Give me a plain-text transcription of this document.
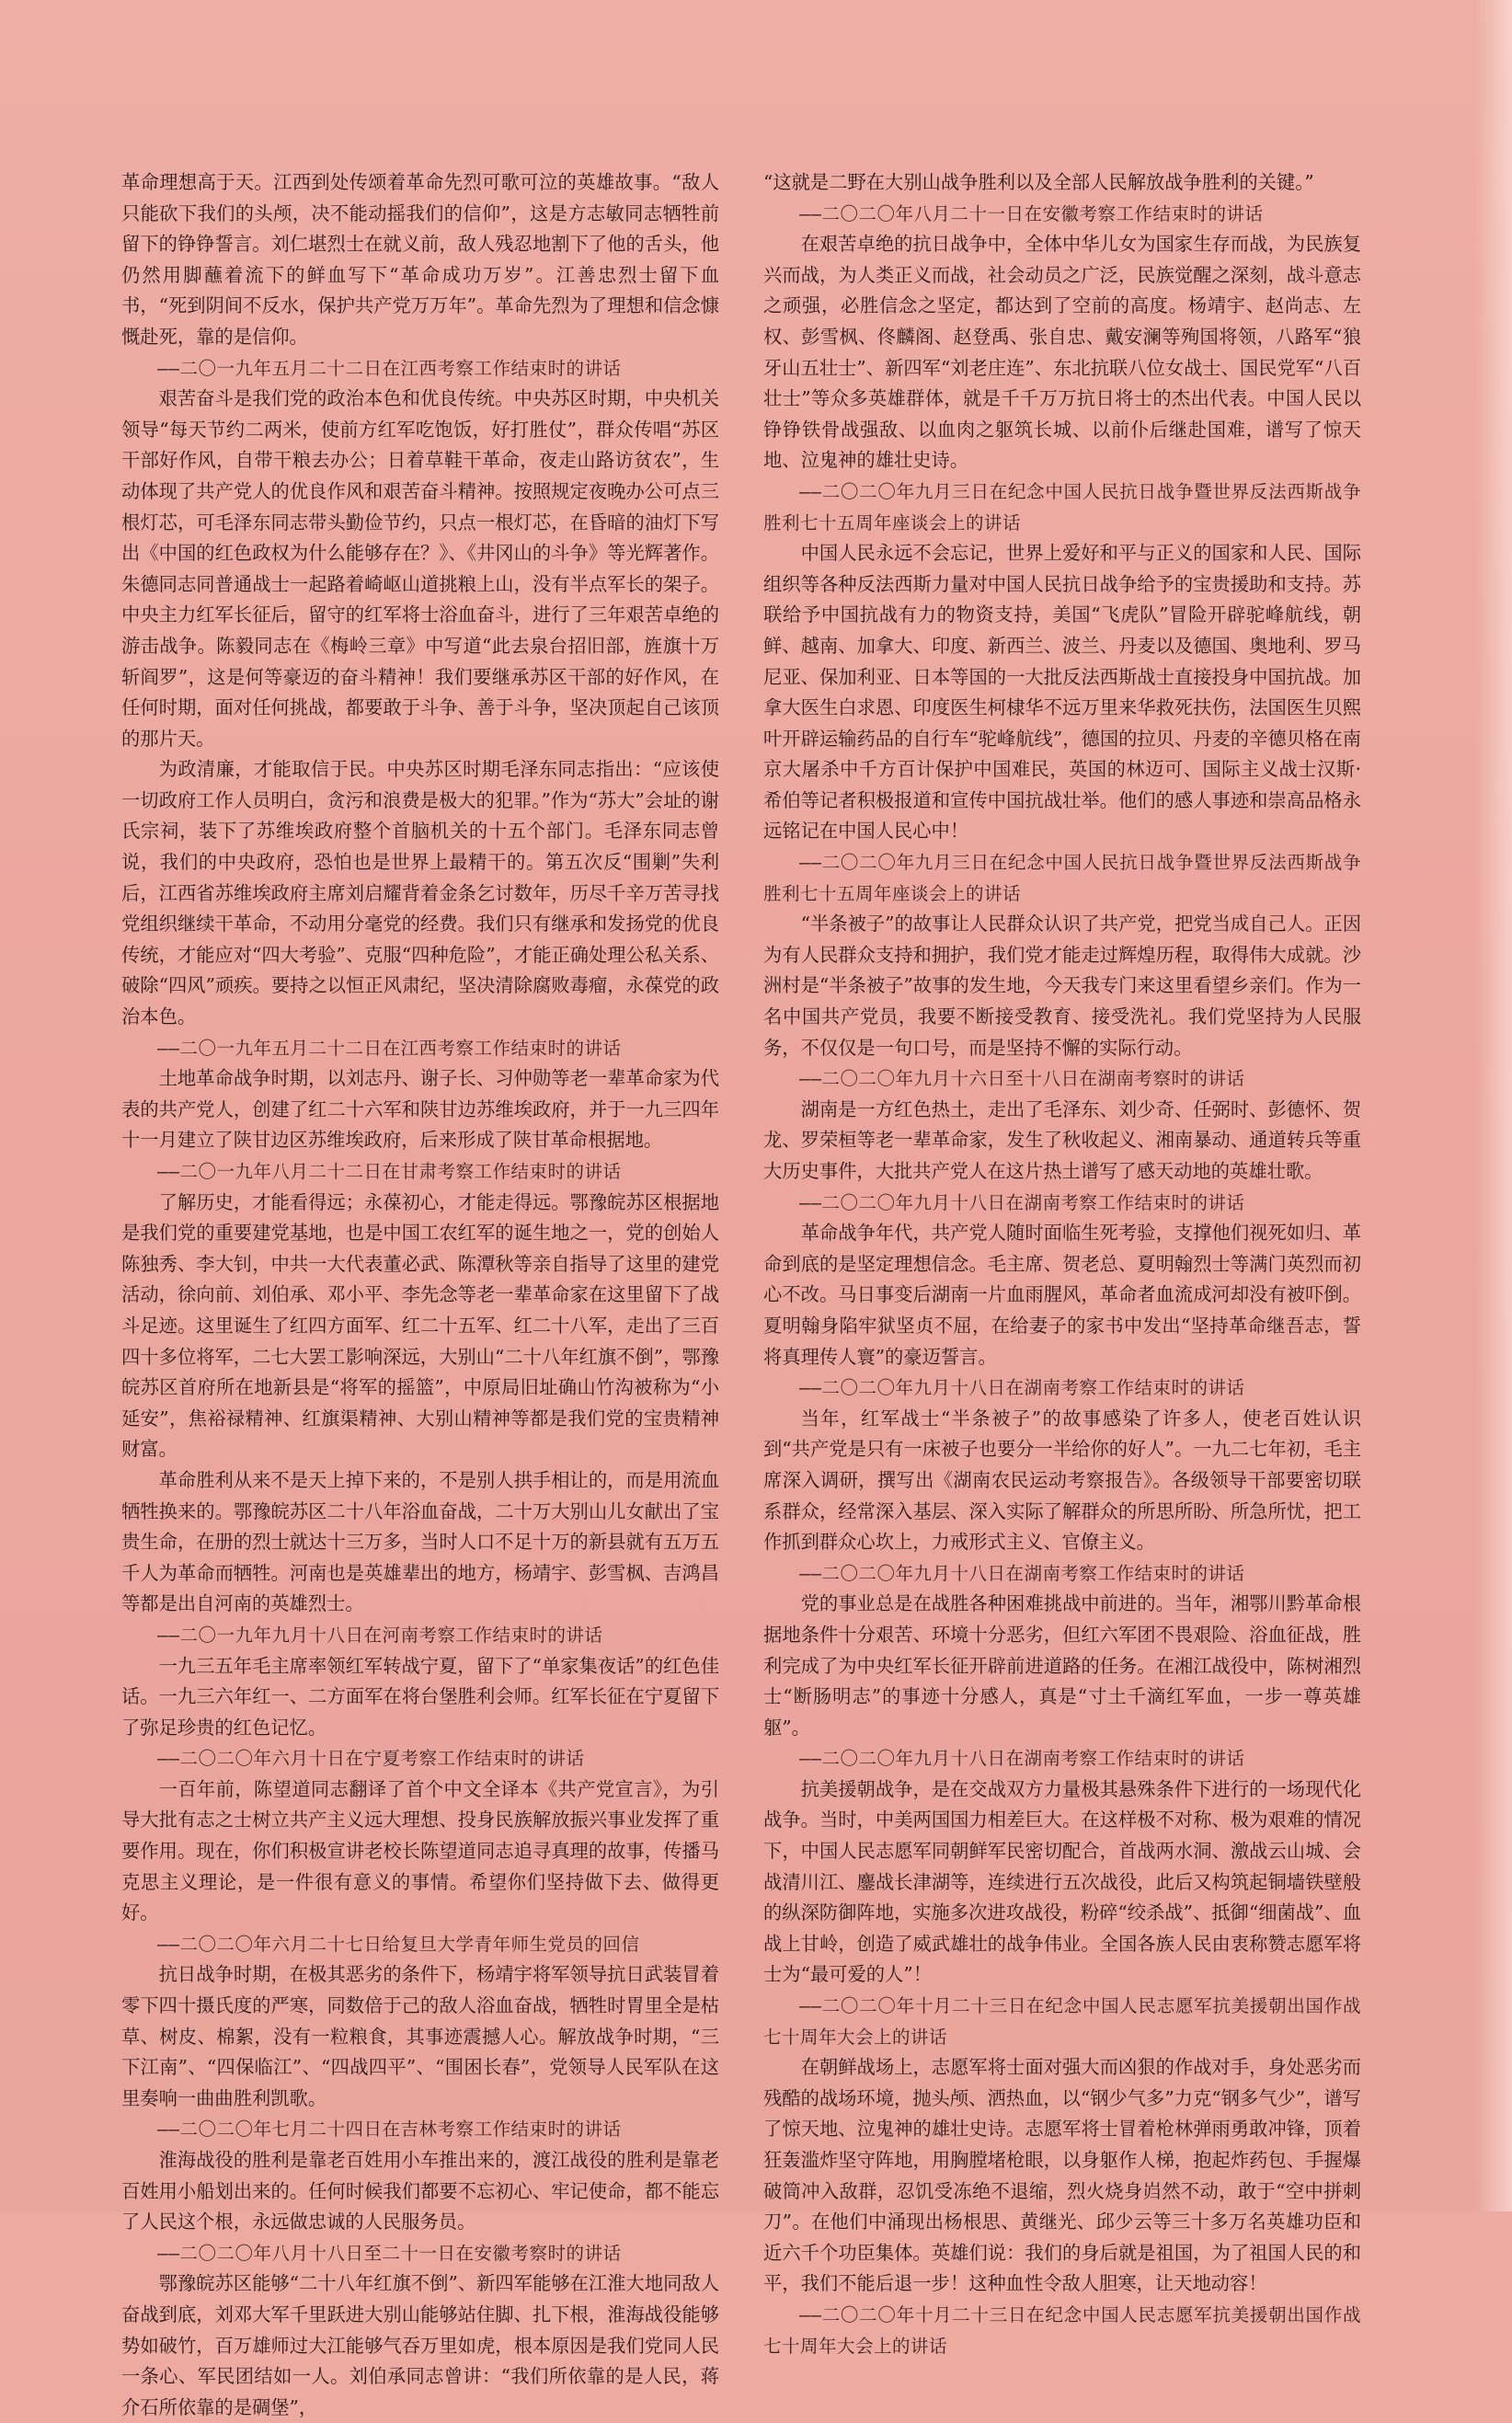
革命理想高于天。江西到处传颂着革命先烈可歌可泣的英雄故事。“敌人只能砍下我们的头颅，决不能动摇我们的信仰”，这是方志敏同志牺牲前留下的铮铮誓言。刘仁堪烈士在就义前，敌人残忍地割下了他的舌头，他仍然用脚蘸着流下的鲜血写下“革命成功万岁”。江善忠烈士留下血书，“死到阴间不反水，保护共产党万万年”。革命先烈为了理想和信念慷慨赴死，靠的是信仰。

——二〇一九年五月二十二日在江西考察工作结束时的讲话

艰苦奋斗是我们党的政治本色和优良传统。中央苏区时期，中央机关领导“每天节约二两米，使前方红军吃饱饭，好打胜仗”，群众传唱“苏区干部好作风，自带干粮去办公；日着草鞋干革命，夜走山路访贫农”，生动体现了共产党人的优良作风和艰苦奋斗精神。按照规定夜晚办公可点三根灯芯，可毛泽东同志带头勤俭节约，只点一根灯芯，在昏暗的油灯下写出《中国的红色政权为什么能够存在？》、《井冈山的斗争》等光辉著作。朱德同志同普通战士一起路着崎岖山道挑粮上山，没有半点军长的架子。中央主力红军长征后，留守的红军将士浴血奋斗，进行了三年艰苦卓绝的游击战争。陈毅同志在《梅岭三章》中写道“此去泉台招旧部，旌旗十万斩阎罗”，这是何等豪迈的奋斗精神！我们要继承苏区干部的好作风，在任何时期，面对任何挑战，都要敢于斗争、善于斗争，坚决顶起自己该顶的那片天。

为政清廉，才能取信于民。中央苏区时期毛泽东同志指出：“应该使一切政府工作人员明白，贪污和浪费是极大的犯罪。”作为“苏大”会址的谢氏宗祠，装下了苏维埃政府整个首脑机关的十五个部门。毛泽东同志曾说，我们的中央政府，恐怕也是世界上最精干的。第五次反“围剿”失利后，江西省苏维埃政府主席刘启耀背着金条乞讨数年，历尽千辛万苦寻找党组织继续干革命，不动用分毫党的经费。我们只有继承和发扬党的优良传统，才能应对“四大考验”、克服“四种危险”，才能正确处理公私关系、破除“四风”顽疾。要持之以恒正风肃纪，坚决清除腐败毒瘤，永葆党的政治本色。

——二〇一九年五月二十二日在江西考察工作结束时的讲话

土地革命战争时期，以刘志丹、谢子长、习仲勋等老一辈革命家为代表的共产党人，创建了红二十六军和陕甘边苏维埃政府，并于一九三四年十一月建立了陕甘边区苏维埃政府，后来形成了陕甘革命根据地。

——二〇一九年八月二十二日在甘肃考察工作结束时的讲话

了解历史，才能看得远；永葆初心，才能走得远。鄂豫皖苏区根据地是我们党的重要建党基地，也是中国工农红军的诞生地之一，党的创始人陈独秀、李大钊，中共一大代表董必武、陈潭秋等亲自指导了这里的建党活动，徐向前、刘伯承、邓小平、李先念等老一辈革命家在这里留下了战斗足迹。这里诞生了红四方面军、红二十五军、红二十八军，走出了三百四十多位将军，二七大罢工影响深远，大别山“二十八年红旗不倒”，鄂豫皖苏区首府所在地新县是“将军的摇篮”，中原局旧址确山竹沟被称为“小延安”，焦裕禄精神、红旗渠精神、大别山精神等都是我们党的宝贵精神财富。

革命胜利从来不是天上掉下来的，不是别人拱手相让的，而是用流血牺牲换来的。鄂豫皖苏区二十八年浴血奋战，二十万大别山儿女献出了宝贵生命，在册的烈士就达十三万多，当时人口不足十万的新县就有五万五千人为革命而牺牲。河南也是英雄辈出的地方，杨靖宇、彭雪枫、吉鸿昌等都是出自河南的英雄烈士。

——二〇一九年九月十八日在河南考察工作结束时的讲话

一九三五年毛主席率领红军转战宁夏，留下了“单家集夜话”的红色佳话。一九三六年红一、二方面军在将台堡胜利会师。红军长征在宁夏留下了弥足珍贵的红色记忆。

——二〇二〇年六月十日在宁夏考察工作结束时的讲话

一百年前，陈望道同志翻译了首个中文全译本《共产党宣言》，为引导大批有志之士树立共产主义远大理想、投身民族解放振兴事业发挥了重要作用。现在，你们积极宣讲老校长陈望道同志追寻真理的故事，传播马克思主义理论，是一件很有意义的事情。希望你们坚持做下去、做得更好。

——二〇二〇年六月二十七日给复旦大学青年师生党员的回信

抗日战争时期，在极其恶劣的条件下，杨靖宇将军领导抗日武装冒着零下四十摄氏度的严寒，同数倍于己的敌人浴血奋战，牺牲时胃里全是枯草、树皮、棉絮，没有一粒粮食，其事迹震撼人心。解放战争时期，“三下江南”、“四保临江”、“四战四平”、“围困长春”，党领导人民军队在这里奏响一曲曲胜利凯歌。

——二〇二〇年七月二十四日在吉林考察工作结束时的讲话

淮海战役的胜利是靠老百姓用小车推出来的，渡江战役的胜利是靠老百姓用小船划出来的。任何时候我们都要不忘初心、牢记使命，都不能忘了人民这个根，永远做忠诚的人民服务员。

——二〇二〇年八月十八日至二十一日在安徽考察时的讲话

鄂豫皖苏区能够“二十八年红旗不倒”、新四军能够在江淮大地同敌人奋战到底，刘邓大军千里跃进大别山能够站住脚、扎下根，淮海战役能够势如破竹，百万雄师过大江能够气吞万里如虎，根本原因是我们党同人民一条心、军民团结如一人。刘伯承同志曾讲：“我们所依靠的是人民，蒋介石所依靠的是碉堡”，

“这就是二野在大别山战争胜利以及全部人民解放战争胜利的关键。”

——二〇二〇年八月二十一日在安徽考察工作结束时的讲话

在艰苦卓绝的抗日战争中，全体中华儿女为国家生存而战，为民族复兴而战，为人类正义而战，社会动员之广泛，民族觉醒之深刻，战斗意志之顽强，必胜信念之坚定，都达到了空前的高度。杨靖宇、赵尚志、左权、彭雪枫、佟麟阁、赵登禹、张自忠、戴安澜等殉国将领，八路军“狼牙山五壮士”、新四军“刘老庄连”、东北抗联八位女战士、国民党军“八百壮士”等众多英雄群体，就是千千万万抗日将士的杰出代表。中国人民以铮铮铁骨战强敌、以血肉之躯筑长城、以前仆后继赴国难，谱写了惊天地、泣鬼神的雄壮史诗。

——二〇二〇年九月三日在纪念中国人民抗日战争暨世界反法西斯战争胜利七十五周年座谈会上的讲话

中国人民永远不会忘记，世界上爱好和平与正义的国家和人民、国际组织等各种反法西斯力量对中国人民抗日战争给予的宝贵援助和支持。苏联给予中国抗战有力的物资支持，美国“飞虎队”冒险开辟驼峰航线，朝鲜、越南、加拿大、印度、新西兰、波兰、丹麦以及德国、奥地利、罗马尼亚、保加利亚、日本等国的一大批反法西斯战士直接投身中国抗战。加拿大医生白求恩、印度医生柯棣华不远万里来华救死扶伤，法国医生贝熙叶开辟运输药品的自行车“驼峰航线”，德国的拉贝、丹麦的辛德贝格在南京大屠杀中千方百计保护中国难民，英国的林迈可、国际主义战士汉斯·希伯等记者积极报道和宣传中国抗战壮举。他们的感人事迹和崇高品格永远铭记在中国人民心中！

——二〇二〇年九月三日在纪念中国人民抗日战争暨世界反法西斯战争胜利七十五周年座谈会上的讲话

“半条被子”的故事让人民群众认识了共产党，把党当成自己人。正因为有人民群众支持和拥护，我们党才能走过辉煌历程，取得伟大成就。沙洲村是“半条被子”故事的发生地，今天我专门来这里看望乡亲们。作为一名中国共产党员，我要不断接受教育、接受洗礼。我们党坚持为人民服务，不仅仅是一句口号，而是坚持不懈的实际行动。

——二〇二〇年九月十六日至十八日在湖南考察时的讲话

湖南是一方红色热土，走出了毛泽东、刘少奇、任弼时、彭德怀、贺龙、罗荣桓等老一辈革命家，发生了秋收起义、湘南暴动、通道转兵等重大历史事件，大批共产党人在这片热土谱写了感天动地的英雄壮歌。

——二〇二〇年九月十八日在湖南考察工作结束时的讲话

革命战争年代，共产党人随时面临生死考验，支撑他们视死如归、革命到底的是坚定理想信念。毛主席、贺老总、夏明翰烈士等满门英烈而初心不改。马日事变后湖南一片血雨腥风，革命者血流成河却没有被吓倒。夏明翰身陷牢狱坚贞不屈，在给妻子的家书中发出“坚持革命继吾志，誓将真理传人寰”的豪迈誓言。

——二〇二〇年九月十八日在湖南考察工作结束时的讲话

当年，红军战士“半条被子”的故事感染了许多人，使老百姓认识到“共产党是只有一床被子也要分一半给你的好人”。一九二七年初，毛主席深入调研，撰写出《湖南农民运动考察报告》。各级领导干部要密切联系群众，经常深入基层、深入实际了解群众的所思所盼、所急所忧，把工作抓到群众心坎上，力戒形式主义、官僚主义。

——二〇二〇年九月十八日在湖南考察工作结束时的讲话

党的事业总是在战胜各种困难挑战中前进的。当年，湘鄂川黔革命根据地条件十分艰苦、环境十分恶劣，但红六军团不畏艰险、浴血征战，胜利完成了为中央红军长征开辟前进道路的任务。在湘江战役中，陈树湘烈士“断肠明志”的事迹十分感人，真是“寸土千滴红军血，一步一尊英雄躯”。

——二〇二〇年九月十八日在湖南考察工作结束时的讲话

抗美援朝战争，是在交战双方力量极其悬殊条件下进行的一场现代化战争。当时，中美两国国力相差巨大。在这样极不对称、极为艰难的情况下，中国人民志愿军同朝鲜军民密切配合，首战两水洞、激战云山城、会战清川江、鏖战长津湖等，连续进行五次战役，此后又构筑起铜墙铁壁般的纵深防御阵地，实施多次进攻战役，粉碎“绞杀战”、抵御“细菌战”、血战上甘岭，创造了威武雄壮的战争伟业。全国各族人民由衷称赞志愿军将士为“最可爱的人”！

——二〇二〇年十月二十三日在纪念中国人民志愿军抗美援朝出国作战七十周年大会上的讲话

在朝鲜战场上，志愿军将士面对强大而凶狠的作战对手，身处恶劣而残酷的战场环境，抛头颅、洒热血，以“钢少气多”力克“钢多气少”，谱写了惊天地、泣鬼神的雄壮史诗。志愿军将士冒着枪林弹雨勇敢冲锋，顶着狂轰滥炸坚守阵地，用胸膛堵枪眼，以身躯作人梯，抱起炸药包、手握爆破筒冲入敌群，忍饥受冻绝不退缩，烈火烧身岿然不动，敢于“空中拼刺刀”。在他们中涌现出杨根思、黄继光、邱少云等三十多万名英雄功臣和近六千个功臣集体。英雄们说：我们的身后就是祖国，为了祖国人民的和平，我们不能后退一步！这种血性令敌人胆寒，让天地动容！

——二〇二〇年十月二十三日在纪念中国人民志愿军抗美援朝出国作战七十周年大会上的讲话
